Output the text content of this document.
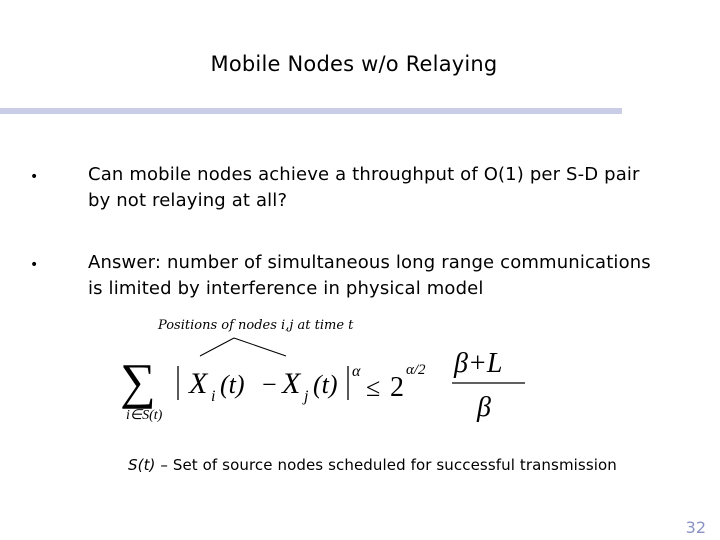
Mobile Nodes w/o Relaying
•	Can mobile nodes achieve a throughput of O(1) per S-D pair
by not relaying at all?
•	Answer: number of simultaneous long range communications
is limited by interference in physical model
Positions of nodes i,j at time t
∑
i∈S(t)
X i (t) − X j (t) α
≤ 2
α/2 β+L
β
S(t) – Set of source nodes scheduled for successful transmission
32
